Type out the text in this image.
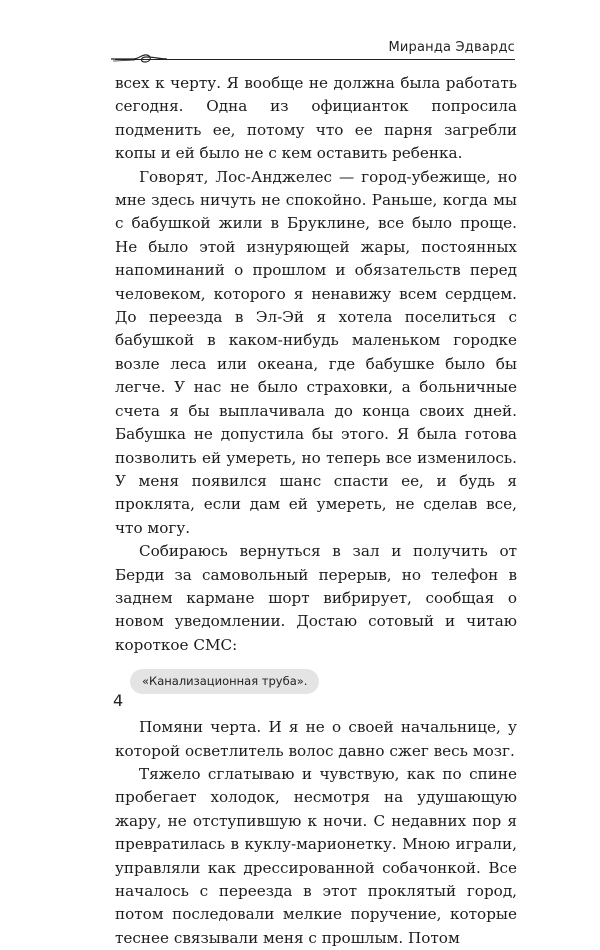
Миранда Эдвардс

всех к черту. Я вообще не должна была работать сегодня. Одна из официанток попросила подменить ее, потому что ее парня загребли копы и ей было не с кем оставить ребенка.

Говорят, Лос-Анджелес — город-убежище, но мне здесь ничуть не спокойно. Раньше, когда мы с бабушкой жили в Бруклине, все было проще. Не было этой изнуряющей жары, постоянных напоминаний о прошлом и обязательств перед человеком, которого я ненавижу всем сердцем. До переезда в Эл-Эй я хотела поселиться с бабушкой в каком-нибудь маленьком городке возле леса или океана, где бабушке было бы легче. У нас не было страховки, а больничные счета я бы выплачивала до конца своих дней. Бабушка не допустила бы этого. Я была готова позволить ей умереть, но теперь все изменилось. У меня появился шанс спасти ее, и будь я проклята, если дам ей умереть, не сделав все, что могу.

Собираюсь вернуться в зал и получить от Берди за самовольный перерыв, но телефон в заднем кармане шорт вибрирует, сообщая о новом уведомлении. Достаю сотовый и читаю короткое СМС:

«Канализационная труба».

Помяни черта. И я не о своей начальнице, у которой осветлитель волос давно сжег весь мозг.

Тяжело сглатываю и чувствую, как по спине пробегает холодок, несмотря на удушающую жару, не отступившую к ночи. С недавних пор я превратилась в куклу-марионетку. Мною играли, управляли как дрессированной собачонкой. Все началось с переезда в этот проклятый город, потом последовали мелкие поручение, которые теснее связывали меня с прошлым. Потом

4
